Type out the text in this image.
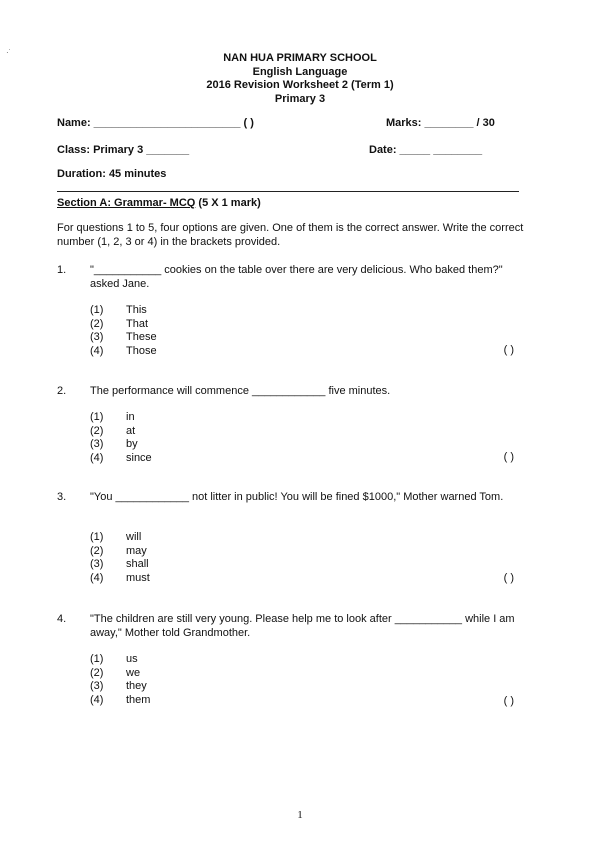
·˙	NAN HUA PRIMARY SCHOOL
English Language
2016 Revision Worksheet 2 (Term 1)
Primary 3
Name: ________________________ ( )	Marks: ________ / 30
Class: Primary 3 _______	Date: _____ ________
Duration: 45 minutes
Section A: Grammar- MCQ (5 X 1 mark)
For questions 1 to 5, four options are given. One of them is the correct answer. Write the correct number (1, 2, 3 or 4) in the brackets provided.
1. "___________ cookies on the table over there are very delicious. Who baked them?" asked Jane.
(1) This
(2) That
(3) These
(4) Those	( )
2. The performance will commence ____________ five minutes.
(1) in
(2) at
(3) by
(4) since	( )
3. "You ____________ not litter in public! You will be fined $1000," Mother warned Tom.
(1) will
(2) may
(3) shall
(4) must	( )
4. "The children are still very young. Please help me to look after ___________ while I am away," Mother told Grandmother.
(1) us
(2) we
(3) they
(4) them	( )
1
